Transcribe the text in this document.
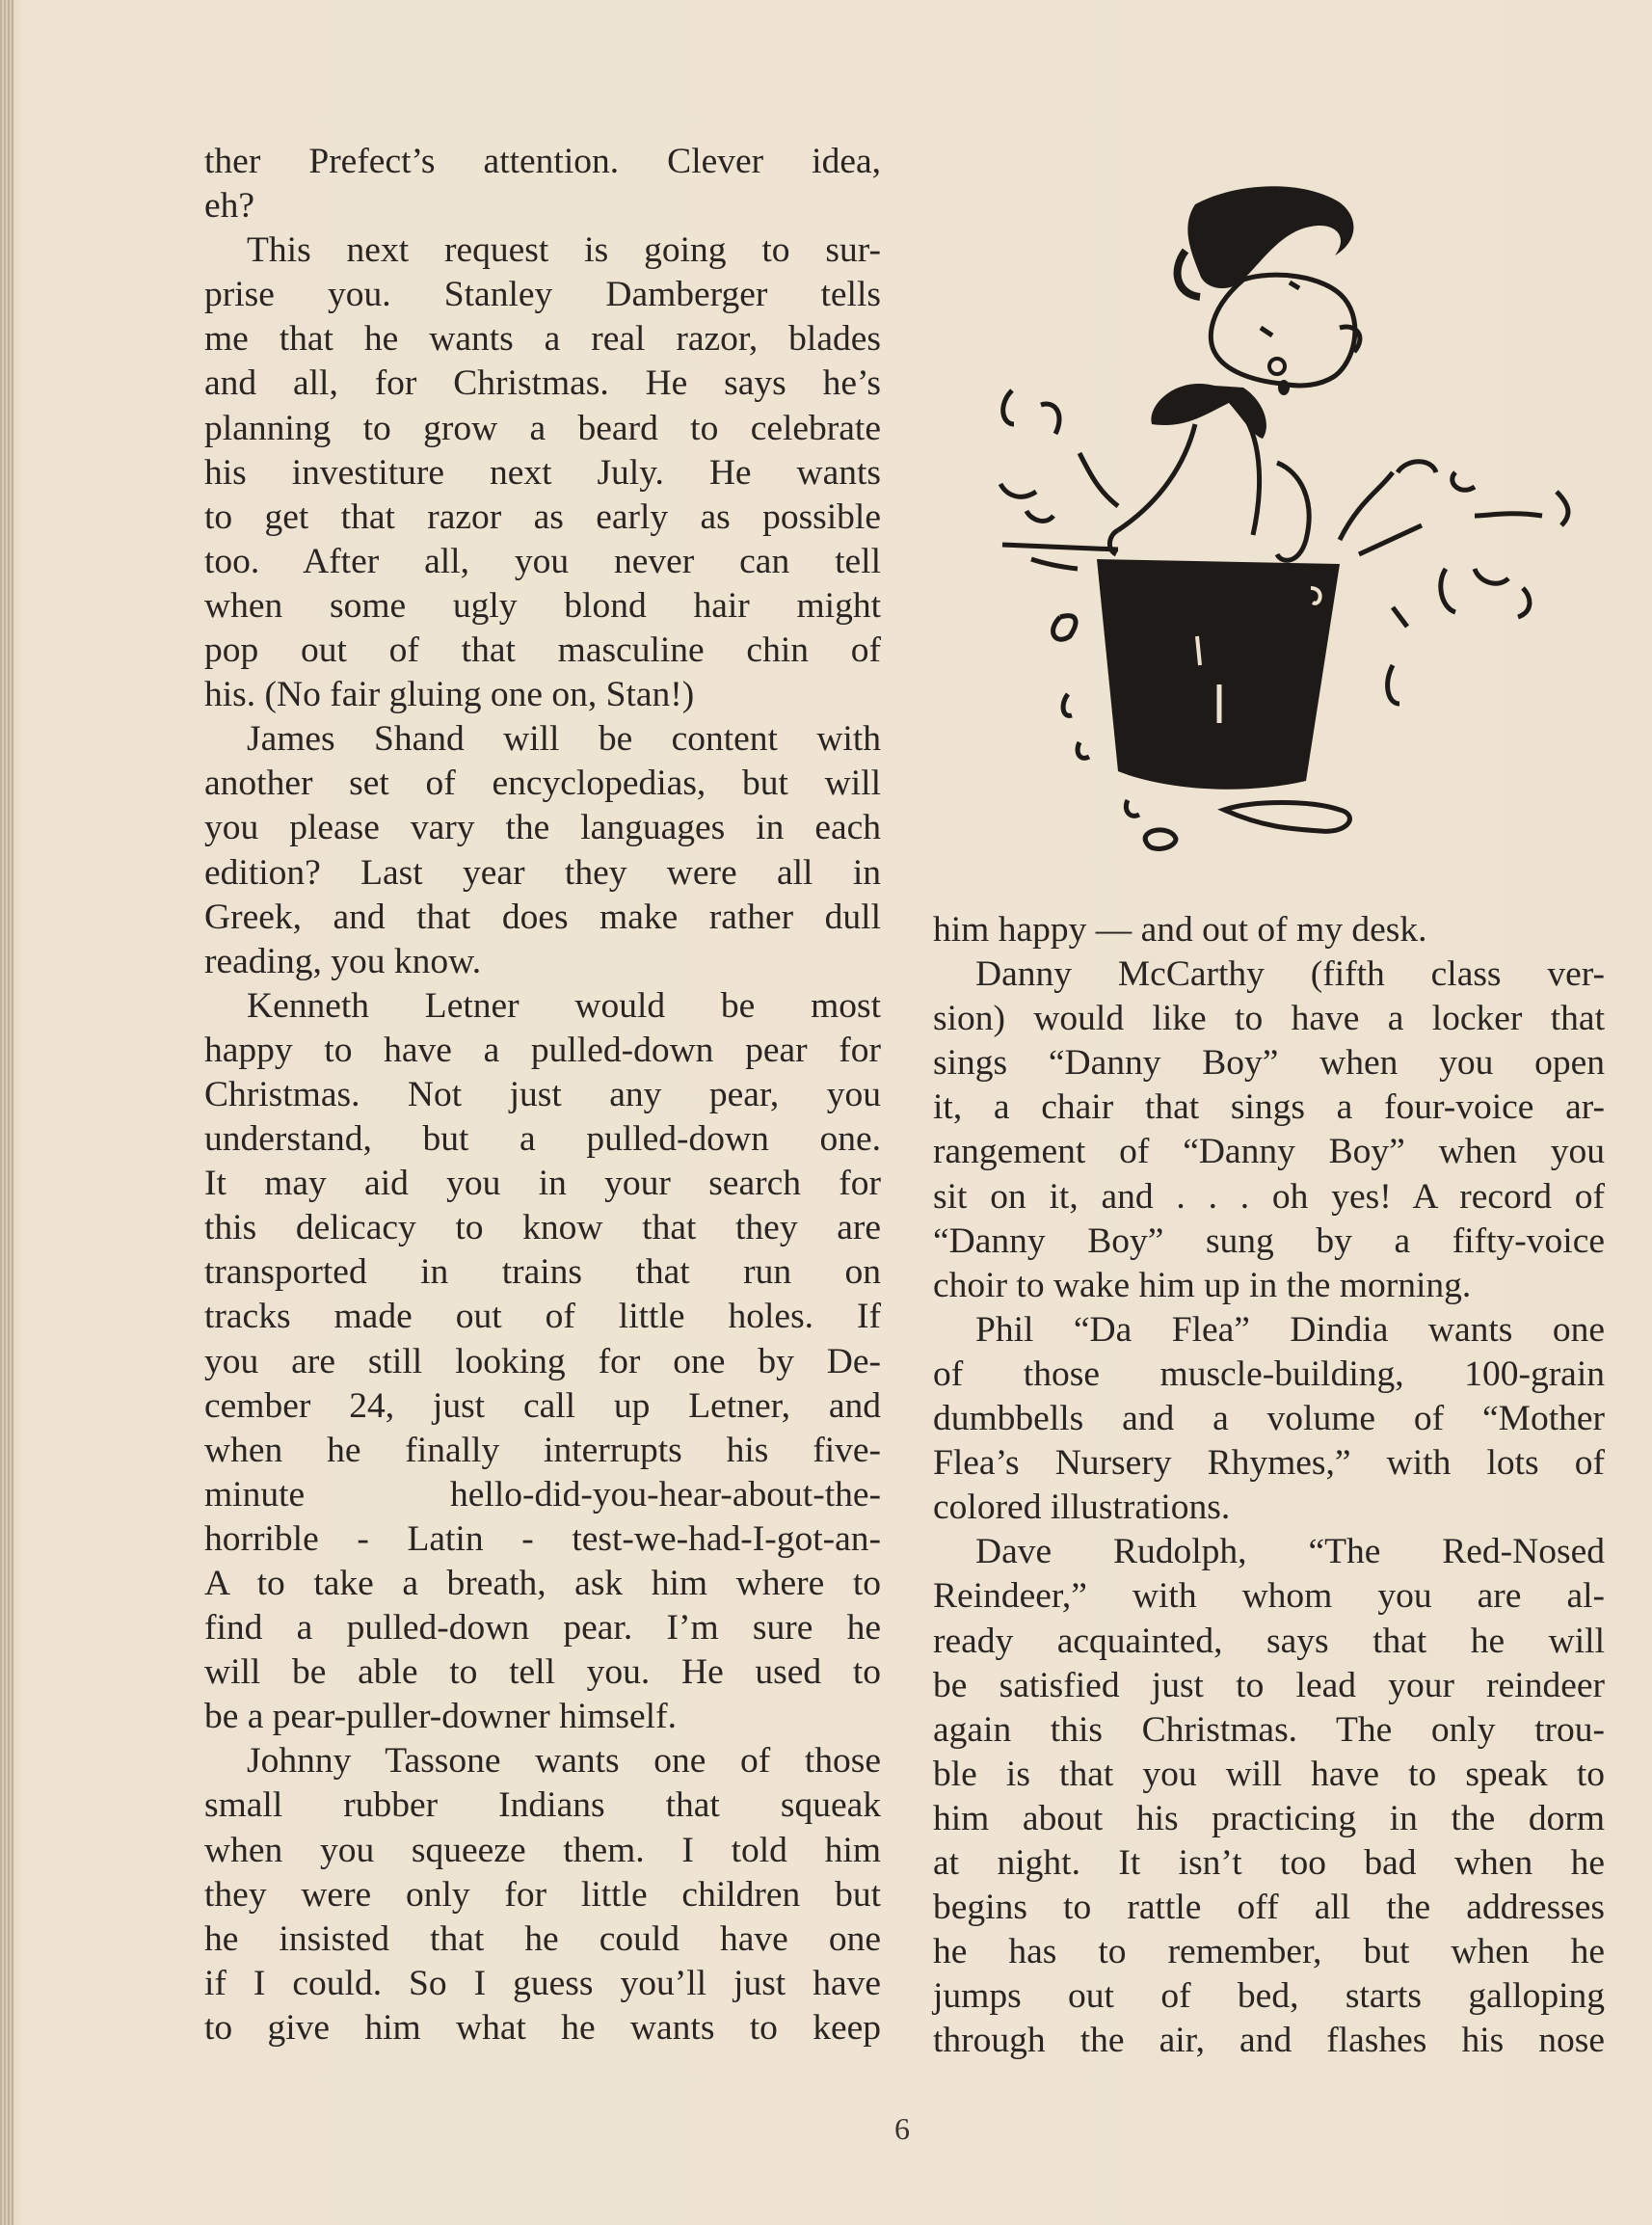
ther Prefect’s attention. Clever idea,
eh?
This next request is going to sur-
prise you. Stanley Damberger tells
me that he wants a real razor, blades
and all, for Christmas. He says he’s
planning to grow a beard to celebrate
his investiture next July. He wants
to get that razor as early as possible
too. After all, you never can tell
when some ugly blond hair might
pop out of that masculine chin of
his. (No fair gluing one on, Stan!)
James Shand will be content with
another set of encyclopedias, but will
you please vary the languages in each
edition? Last year they were all in
Greek, and that does make rather dull
reading, you know.
Kenneth Letner would be most
happy to have a pulled-down pear for
Christmas. Not just any pear, you
understand, but a pulled-down one.
It may aid you in your search for
this delicacy to know that they are
transported in trains that run on
tracks made out of little holes. If
you are still looking for one by De-
cember 24, just call up Letner, and
when he finally interrupts his five-
minute hello-did-you-hear-about-the-
horrible - Latin - test-we-had-I-got-an-
A to take a breath, ask him where to
find a pulled-down pear. I’m sure he
will be able to tell you. He used to
be a pear-puller-downer himself.
Johnny Tassone wants one of those
small rubber Indians that squeak
when you squeeze them. I told him
they were only for little children but
he insisted that he could have one
if I could. So I guess you’ll just have
to give him what he wants to keep
him happy — and out of my desk.
Danny McCarthy (fifth class ver-
sion) would like to have a locker that
sings “Danny Boy” when you open
it, a chair that sings a four-voice ar-
rangement of “Danny Boy” when you
sit on it, and . . . oh yes! A record of
“Danny Boy” sung by a fifty-voice
choir to wake him up in the morning.
Phil “Da Flea” Dindia wants one
of those muscle-building, 100-grain
dumbbells and a volume of “Mother
Flea’s Nursery Rhymes,” with lots of
colored illustrations.
Dave Rudolph, “The Red-Nosed
Reindeer,” with whom you are al-
ready acquainted, says that he will
be satisfied just to lead your reindeer
again this Christmas. The only trou-
ble is that you will have to speak to
him about his practicing in the dorm
at night. It isn’t too bad when he
begins to rattle off all the addresses
he has to remember, but when he
jumps out of bed, starts galloping
through the air, and flashes his nose
6
